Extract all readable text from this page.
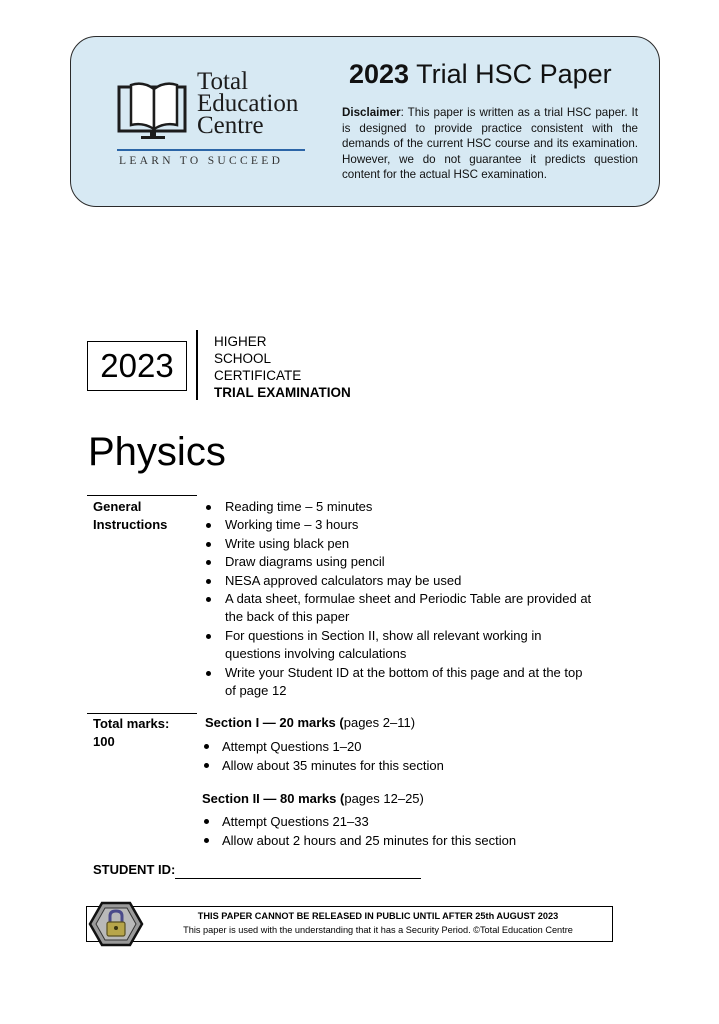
Total
Education
Centre
LEARN TO SUCCEED
2023 Trial HSC Paper
Disclaimer: This paper is written as a trial HSC paper. It is designed to provide practice consistent with the demands of the current HSC course and its examination. However, we do not guarantee it predicts question content for the actual HSC examination.
2023
HIGHER
SCHOOL
CERTIFICATE
TRIAL EXAMINATION
Physics
General
Instructions
Reading time – 5 minutes
Working time – 3 hours
Write using black pen
Draw diagrams using pencil
NESA approved calculators may be used
A data sheet, formulae sheet and Periodic Table are provided at the back of this paper
For questions in Section II, show all relevant working in questions involving calculations
Write your Student ID at the bottom of this page and at the top of page 12
Total marks:
100
Section I — 20 marks (pages 2–11)
Attempt Questions 1–20
Allow about 35 minutes for this section
Section II — 80 marks (pages 12–25)
Attempt Questions 21–33
Allow about 2 hours and 25 minutes for this section
STUDENT ID:
THIS PAPER CANNOT BE RELEASED IN PUBLIC UNTIL AFTER 25th AUGUST 2023
This paper is used with the understanding that it has a Security Period. ©Total Education Centre
